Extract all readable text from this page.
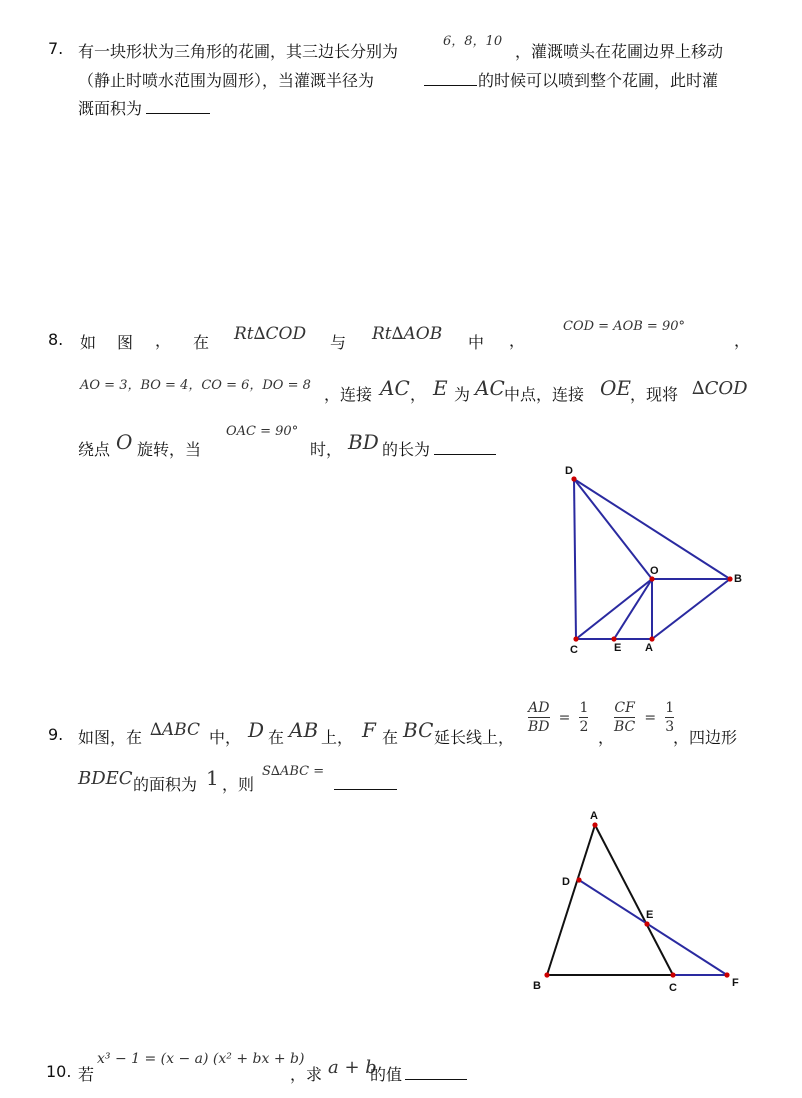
7. 有一块形状为三角形的花圃，其三边长分别为
6，8，10
，灌溉喷头在花圃边界上移动
（静止时喷水范围为圆形），当灌溉半径为	的时候可以喷到整个花圃，此时灌
溉面积为
8. 如 图 ， 在 Rt∆COD 与 Rt∆AOB 中 ，
COD = AOB = 90°
，
AO = 3，BO = 4，CO = 6，DO = 8 ，连接 AC ， E 为 AC 中点，连接 OE ，现将 ∆COD
绕点 O 旋转，当
OAC = 90°
时， BD 的长为
D
O
B
C	E A
9. 如图，在 ∆ABC 中， D 在 AB 上， F 在 BC 延长线上，
$\frac{AD}{BD} = \frac{1}{2}$
，
$\frac{CF}{BC} = \frac{1}{3}$
，四边形
BDEC 的面积为 1 ，则
S∆ABC =
A
D
E
B	C	F
10. 若
x³ − 1 = (x − a) (x² + bx + b)
，求 a + b
的值
